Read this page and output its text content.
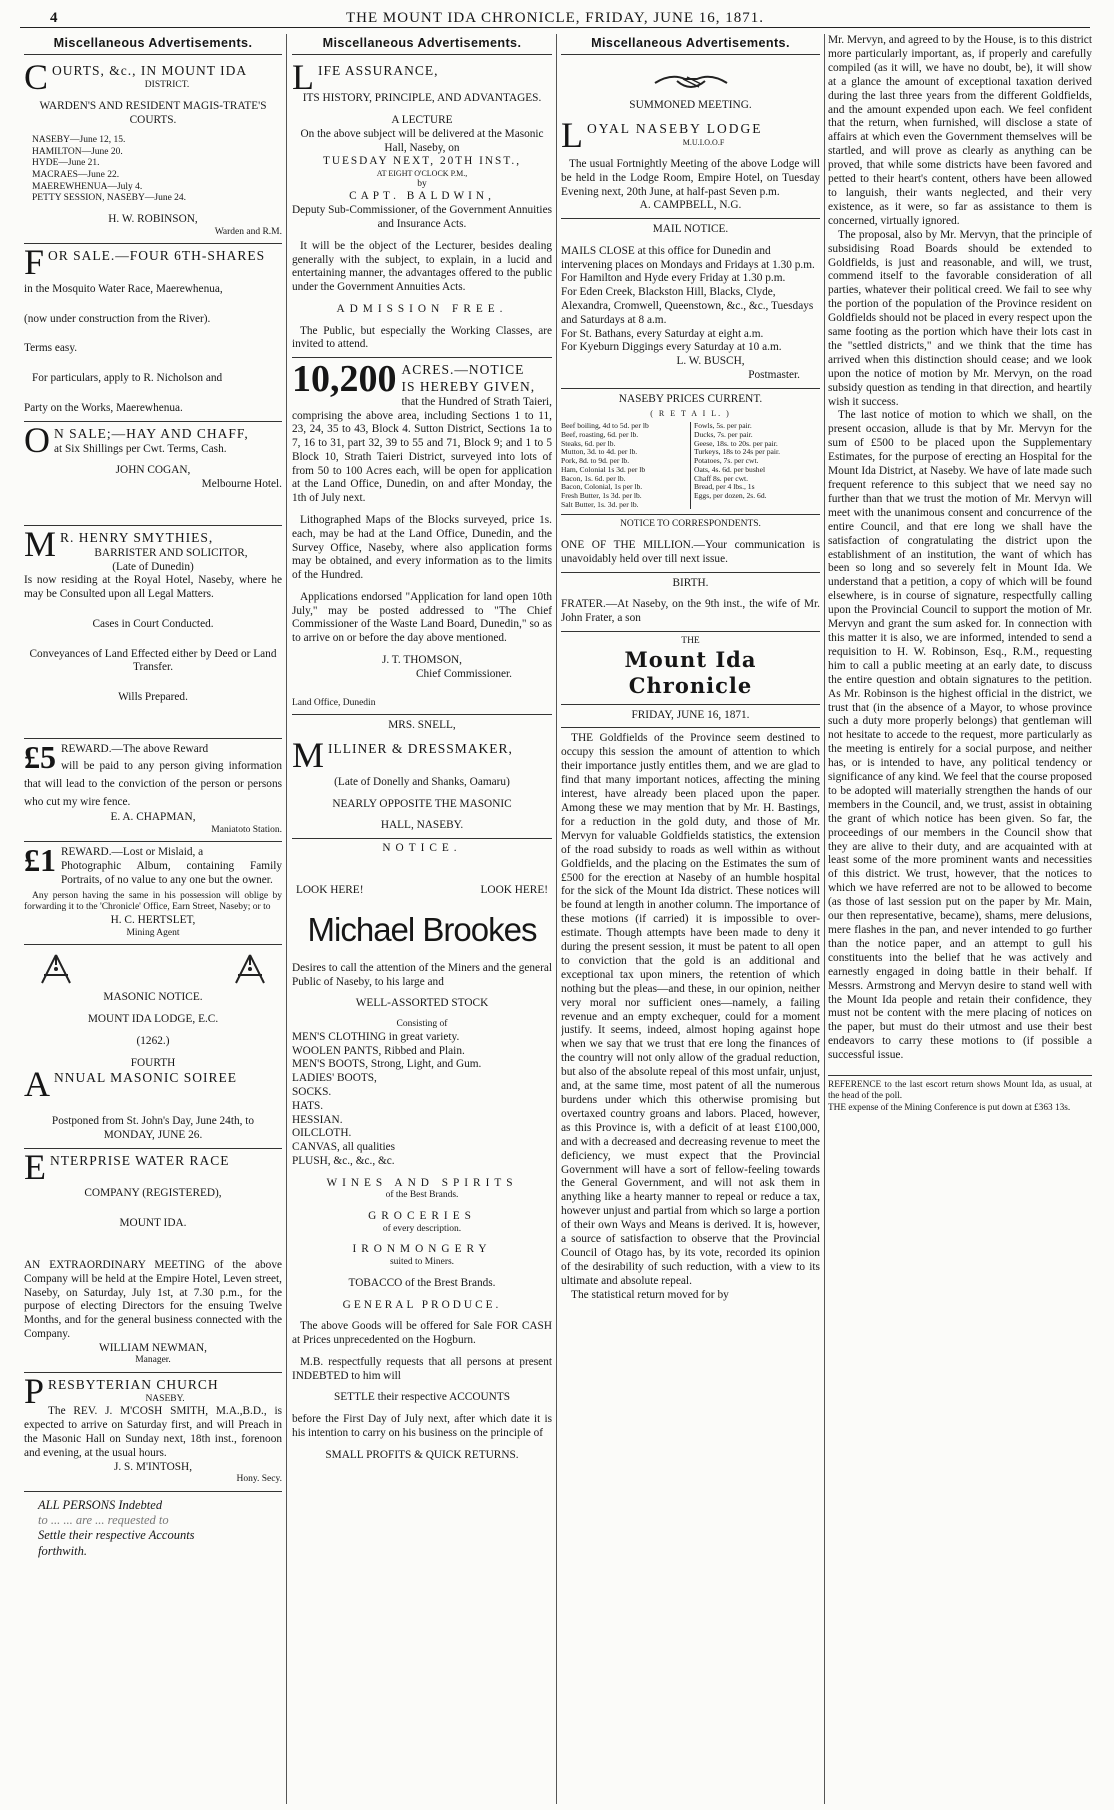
4	THE MOUNT IDA CHRONICLE, FRIDAY, JUNE 16, 1871.
Miscellaneous Advertisements.

COURTS, &c., IN MOUNT IDA

DISTRICT.

WARDEN'S AND RESIDENT MAGIS-TRATE'S COURTS.

NASEBY—June 12, 15.

HAMILTON—June 20.

HYDE—June 21.

MACRAES—June 22.

MAEREWHENUA—July 4.

PETTY SESSION, NASEBY—June 24.

H. W. ROBINSON,

Warden and R.M.

FOR SALE.—FOUR 6TH-SHARES

in the Mosquito Water Race, Maerewhenua,

(now under construction from the River).

Terms easy.

For particulars, apply to R. Nicholson and

Party on the Works, Maerewhenua.

O N SALE;—HAY AND CHAFF,

at Six Shillings per Cwt. Terms, Cash.

JOHN COGAN,

Melbourne Hotel.

M R. HENRY SMYTHIES,

BARRISTER AND SOLICITOR,

(Late of Dunedin)

Is now residing at the Royal Hotel, Naseby, where he may be Consulted upon all Legal Matters.

Cases in Court Conducted.

Conveyances of Land Effected either by Deed or Land Transfer.

Wills Prepared.

£5 REWARD.—The above Reward

will be paid to any person giving information that will lead to the conviction of the person or persons who cut my wire fence.

E. A. CHAPMAN,

Maniatoto Station.

£1 REWARD.—Lost or Mislaid, a

Photographic Album, containing Family Portraits, of no value to any one but the owner.

Any person having the same in his possession will oblige by forwarding it to the 'Chronicle' Office, Earn Street, Naseby; or to

H. C. HERTSLET,

Mining Agent

MASONIC NOTICE.

MOUNT IDA LODGE, E.C.

(1262.)

FOURTH

ANNUAL MASONIC SOIREE

Postponed from St. John's Day, June 24th, to

MONDAY, JUNE 26.

ENTERPRISE WATER RACE

COMPANY (REGISTERED),

MOUNT IDA.

AN EXTRAORDINARY MEETING of the above Company will be held at the Empire Hotel, Leven street, Naseby, on Saturday, July 1st, at 7.30 p.m., for the purpose of electing Directors for the ensuing Twelve Months, and for the general business connected with the Company.

WILLIAM NEWMAN,

Manager.

PRESBYTERIAN CHURCH

NASEBY.

The REV. J. M'COSH SMITH, M.A.,B.D., is expected to arrive on Saturday first, and will Preach in the Masonic Hall on Sunday next, 18th inst., forenoon and evening, at the usual hours.

J. S. M'INTOSH,

Hony. Secy.

ALL PERSONS Indebted

to ... ... are ... requested to

Settle their respective Accounts

forthwith.

Miscellaneous Advertisements.

LIFE ASSURANCE,

ITS HISTORY, PRINCIPLE, AND ADVANTAGES.

A LECTURE

On the above subject will be delivered at the Masonic Hall, Naseby, on

TUESDAY NEXT, 20TH INST.,

AT EIGHT O'CLOCK P.M.,

by

CAPT. BALDWIN,

Deputy Sub-Commissioner, of the Government Annuities and Insurance Acts.

It will be the object of the Lecturer, besides dealing generally with the subject, to explain, in a lucid and entertaining manner, the advantages offered to the public under the Government Annuities Acts.

ADMISSION FREE.

The Public, but especially the Working Classes, are invited to attend.

10,200 ACRES.—NOTICE
IS HEREBY GIVEN,

that the Hundred of Strath Taieri, comprising the above area, including Sections 1 to 11, 23, 24, 35 to 43, Block 4. Sutton District, Sections 1a to 7, 16 to 31, part 32, 39 to 55 and 71, Block 9; and 1 to 5 Block 10, Strath Taieri District, surveyed into lots of from 50 to 100 Acres each, will be open for application at the Land Office, Dunedin, on and after Monday, the 1th of July next.

Lithographed Maps of the Blocks surveyed, price 1s. each, may be had at the Land Office, Dunedin, and the Survey Office, Naseby, where also application forms may be obtained, and every information as to the limits of the Hundred.

Applications endorsed "Application for land open 10th July," may be posted addressed to "The Chief Commissioner of the Waste Land Board, Dunedin," so as to arrive on or before the day above mentioned.

J. T. THOMSON,

Chief Commissioner.

Land Office, Dunedin

MRS. SNELL,

MILLINER & DRESSMAKER,

(Late of Donelly and Shanks, Oamaru)

NEARLY OPPOSITE THE MASONIC

HALL, NASEBY.

NOTICE.

LOOK HERE!	LOOK HERE!

Michael Brookes

Desires to call the attention of the Miners and the general Public of Naseby, to his large and

WELL-ASSORTED STOCK

Consisting of

MEN'S CLOTHING in great variety.

WOOLEN PANTS, Ribbed and Plain.

MEN'S BOOTS, Strong, Light, and Gum.

LADIES' BOOTS,

SOCKS.

HATS.

HESSIAN.

OILCLOTH.

CANVAS, all qualities

PLUSH, &c., &c., &c.

WINES AND SPIRITS

of the Best Brands.

GROCERIES

of every description.

IRONMONGERY

suited to Miners.

TOBACCO of the Brest Brands.

GENERAL PRODUCE.

The above Goods will be offered for Sale FOR CASH at Prices unprecedented on the Hogburn.

M.B. respectfully requests that all persons at present INDEBTED to him will

SETTLE their respective ACCOUNTS

before the First Day of July next, after which date it is his intention to carry on his business on the principle of

SMALL PROFITS & QUICK RETURNS.

Miscellaneous Advertisements.

SUMMONED MEETING.

LOYAL NASEBY LODGE

M.U.I.O.O.F

The usual Fortnightly Meeting of the above Lodge will be held in the Lodge Room, Empire Hotel, on Tuesday Evening next, 20th June, at half-past Seven p.m.

A. CAMPBELL, N.G.

MAIL NOTICE.

MAILS CLOSE at this office for Dunedin and intervening places on Mondays and Fridays at 1.30 p.m.

For Hamilton and Hyde every Friday at 1.30 p.m.

For Eden Creek, Blackston Hill, Blacks, Clyde, Alexandra, Cromwell, Queenstown, &c., &c., Tuesdays and Saturdays at 8 a.m.

For St. Bathans, every Saturday at eight a.m.

For Kyeburn Diggings every Saturday at 10 a.m.

L. W. BUSCH,

Postmaster.

NASEBY PRICES CURRENT.

( R E T A I L. )

Beef boiling, 4d to 5d. per lb

Beef, roasting, 6d. per lb.

Steaks, 6d. per lb.

Mutton, 3d. to 4d. per lb.

Pork, 8d. to 9d. per lb.

Ham, Colonial 1s 3d. per lb

Bacon, 1s. 6d. per lb.

Bacon, Colonial, 1s per lb.

Fresh Butter, 1s 3d. per lb.

Salt Butter, 1s. 3d. per lb.

Fowls, 5s. per pair.

Ducks, 7s. per pair.

Geese, 18s. to 20s. per pair.

Turkeys, 18s to 24s per pair.

Potatoes, 7s. per cwt.

Oats, 4s. 6d. per bushel

Chaff 8s. per cwt.

Bread, per 4 lbs., 1s

Eggs, per dozen, 2s. 6d.

NOTICE TO CORRESPONDENTS.

ONE OF THE MILLION.—Your communication is unavoidably held over till next issue.

BIRTH.

FRATER.—At Naseby, on the 9th inst., the wife of Mr. John Frater, a son

THE

Mount Ida Chronicle

FRIDAY, JUNE 16, 1871.

THE Goldfields of the Province seem destined to occupy this session the amount of attention to which their importance justly entitles them, and we are glad to find that many important notices, affecting the mining interest, have already been placed upon the paper. Among these we may mention that by Mr. H. Bastings, for a reduction in the gold duty, and those of Mr. Mervyn for valuable Goldfields statistics, the extension of the road subsidy to roads as well within as without Goldfields, and the placing on the Estimates the sum of £500 for the erection at Naseby of an humble hospital for the sick of the Mount Ida district. These notices will be found at length in another column. The importance of these motions (if carried) it is impossible to over-estimate. Though attempts have been made to deny it during the present session, it must be patent to all open to conviction that the gold is an additional and exceptional tax upon miners, the retention of which nothing but the pleas—and these, in our opinion, neither very moral nor sufficient ones—namely, a failing revenue and an empty exchequer, could for a moment justify. It seems, indeed, almost hoping against hope when we say that we trust that ere long the finances of the country will not only allow of the gradual reduction, but also of the absolute repeal of this most unfair, unjust, and, at the same time, most patent of all the numerous burdens under which this otherwise promising but overtaxed country groans and labors. Placed, however, as this Province is, with a deficit of at least £100,000, and with a decreased and decreasing revenue to meet the deficiency, we must expect that the Provincial Government will have a sort of fellow-feeling towards the General Government, and will not ask them in anything like a hearty manner to repeal or reduce a tax, however unjust and partial from which so large a portion of their own Ways and Means is derived. It is, however, a source of satisfaction to observe that the Provincial Council of Otago has, by its vote, recorded its opinion of the desirability of such reduction, with a view to its ultimate and absolute repeal.

The statistical return moved for by

Mr. Mervyn, and agreed to by the House, is to this district more particularly important, as, if properly and carefully compiled (as it will, we have no doubt, be), it will show at a glance the amount of exceptional taxation derived during the last three years from the different Goldfields, and the amount expended upon each. We feel confident that the return, when furnished, will disclose a state of affairs at which even the Government themselves will be startled, and will prove as clearly as anything can be proved, that while some districts have been favored and petted to their heart's content, others have been allowed to languish, their wants neglected, and their very existence, as it were, so far as assistance to them is concerned, virtually ignored.

The proposal, also by Mr. Mervyn, that the principle of subsidising Road Boards should be extended to Goldfields, is just and reasonable, and will, we trust, commend itself to the favorable consideration of all parties, whatever their political creed. We fail to see why the portion of the population of the Province resident on Goldfields should not be placed in every respect upon the same footing as the portion which have their lots cast in the "settled districts," and we think that the time has arrived when this distinction should cease; and we look upon the notice of motion by Mr. Mervyn, on the road subsidy question as tending in that direction, and heartily wish it success.

The last notice of motion to which we shall, on the present occasion, allude is that by Mr. Mervyn for the sum of £500 to be placed upon the Supplementary Estimates, for the purpose of erecting an Hospital for the Mount Ida District, at Naseby. We have of late made such frequent reference to this subject that we need say no further than that we trust the motion of Mr. Mervyn will meet with the unanimous consent and concurrence of the entire Council, and that ere long we shall have the satisfaction of congratulating the district upon the establishment of an institution, the want of which has been so long and so severely felt in Mount Ida. We understand that a petition, a copy of which will be found elsewhere, is in course of signature, respectfully calling upon the Provincial Council to support the motion of Mr. Mervyn and grant the sum asked for. In connection with this matter it is also, we are informed, intended to send a requisition to H. W. Robinson, Esq., R.M., requesting him to call a public meeting at an early date, to discuss the entire question and obtain signatures to the petition. As Mr. Robinson is the highest official in the district, we trust that (in the absence of a Mayor, to whose province such a duty more properly belongs) that gentleman will not hesitate to accede to the request, more particularly as the meeting is entirely for a social purpose, and neither has, or is intended to have, any political tendency or significance of any kind. We feel that the course proposed to be adopted will materially strengthen the hands of our members in the Council, and, we trust, assist in obtaining the grant of which notice has been given. So far, the proceedings of our members in the Council show that they are alive to their duty, and are acquainted with at least some of the more prominent wants and necessities of this district. We trust, however, that the notices to which we have referred are not to be allowed to become (as those of last session put on the paper by Mr. Main, our then representative, became), shams, mere delusions, mere flashes in the pan, and never intended to go further than the notice paper, and an attempt to gull his constituents into the belief that he was actively and earnestly engaged in doing battle in their behalf. If Messrs. Armstrong and Mervyn desire to stand well with the Mount Ida people and retain their confidence, they must not be content with the mere placing of notices on the paper, but must do their utmost and use their best endeavors to carry these motions to (if possible a successful issue.

REFERENCE to the last escort return shows Mount Ida, as usual, at the head of the poll.

THE expense of the Mining Conference is put down at £363 13s.
